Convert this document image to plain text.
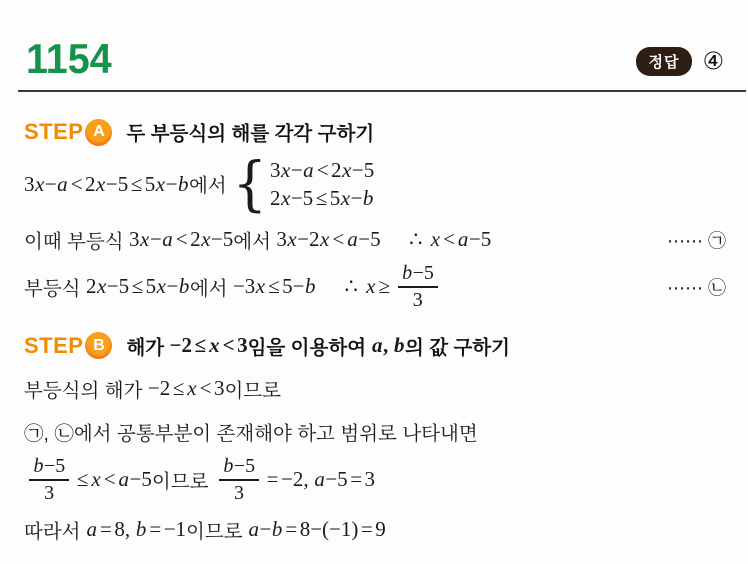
1154	정답 ④
STEP A	두 부등식의 해를 각각 구하기
3x−a < 2x−5 ≤ 5x−b 에서 { 3x−a < 2x−5
2x−5 ≤ 5x−b
이때 부등식 3x−a < 2x−5 에서 3x−2x < a−5 ∴ x < a−5	⋯⋯ ㉠
부등식 2x−5 ≤ 5x−b 에서 −3x ≤ 5−b ∴ $x \ge \frac{b-5}{3}$	⋯⋯ ㉡
STEP B	해가 −2 ≤ x < 3 임을 이용하여 a, b 의 값 구하기
부등식의 해가 −2 ≤ x < 3 이므로
㉠, ㉡에서 공통부분이 존재해야 하고 범위로 나타내면
$\frac{b-5}{3} \le x < a-5$ 이므로 $\frac{b-5}{3} = -2$, a−5 = 3
따라서 a = 8, b = −1 이므로 a−b = 8−(−1) = 9
